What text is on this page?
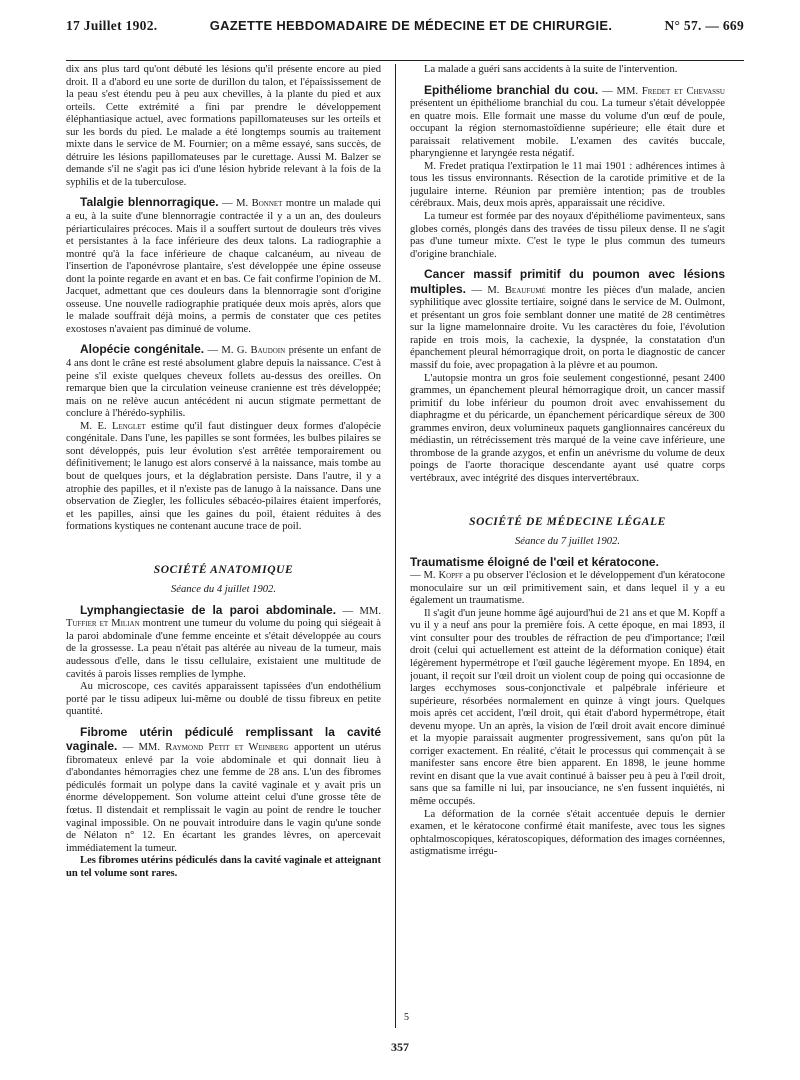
17 Juillet 1902.	GAZETTE HEBDOMADAIRE DE MÉDECINE ET DE CHIRURGIE.	N° 57. — 669

dix ans plus tard qu'ont débuté les lésions qu'il présente encore au pied droit. Il a d'abord eu une sorte de durillon du talon, et l'épaississement de la peau s'est étendu peu à peu aux chevilles, à la plante du pied et aux orteils. Cette extrémité a fini par prendre le développement éléphantiasique actuel, avec formations papillomateuses sur les orteils et sur les bords du pied. Le malade a été longtemps soumis au traitement mixte dans le service de M. Fournier; on a même essayé, sans succès, de détruire les lésions papillomateuses par le curettage. Aussi M. Balzer se demande s'il ne s'agit pas ici d'une lésion hybride relevant à la fois de la syphilis et de la tuberculose.

Talalgie blennorragique. — M. Bonnet montre un malade qui a eu, à la suite d'une blennorragie contractée il y a un an, des douleurs périarticulaires précoces. Mais il a souffert surtout de douleurs très vives et persistantes à la face inférieure des deux talons. La radiographie a montré qu'à la face inférieure de chaque calcanéum, au niveau de l'insertion de l'aponévrose plantaire, s'est développée une épine osseuse dont la pointe regarde en avant et en bas. Ce fait confirme l'opinion de M. Jacquet, admettant que ces douleurs dans la blennorragie sont d'origine osseuse. Une nouvelle radiographie pratiquée deux mois après, alors que le malade souffrait déjà moins, a permis de constater que ces petites exostoses n'avaient pas diminué de volume.

Alopécie congénitale. — M. G. Baudoin présente un enfant de 4 ans dont le crâne est resté absolument glabre depuis la naissance. C'est à peine s'il existe quelques cheveux follets au-dessus des oreilles. On remarque bien que la circulation veineuse cranienne est très développée; mais on ne relève aucun antécédent ni aucun stigmate permettant de conclure à l'hérédo-syphilis.

M. E. Lenglet estime qu'il faut distinguer deux formes d'alopécie congénitale. Dans l'une, les papilles se sont formées, les bulbes pilaires se sont développés, puis leur évolution s'est arrêtée temporairement ou définitivement; le lanugo est alors conservé à la naissance, mais tombe au bout de quelques jours, et la déglabration persiste. Dans l'autre, il y a atrophie des papilles, et il n'existe pas de lanugo à la naissance. Dans une observation de Ziegler, les follicules sébacéo-pilaires étaient imperforés, et les papilles, ainsi que les gaines du poil, étaient réduites à des formations kystiques ne contenant aucune trace de poil.

SOCIÉTÉ ANATOMIQUE
Séance du 4 juillet 1902.

Lymphangiectasie de la paroi abdominale. — MM. Tuffier et Milian montrent une tumeur du volume du poing qui siégeait à la paroi abdominale d'une femme enceinte et s'était développée au cours de la grossesse. La peau n'était pas altérée au niveau de la tumeur, mais audessous d'elle, dans le tissu cellulaire, existaient une multitude de cavités à parois lisses remplies de lymphe.

Au microscope, ces cavités apparaissent tapissées d'un endothélium porté par le tissu adipeux lui-même ou doublé de tissu fibreux en petite quantité.

Fibrome utérin pédiculé remplissant la cavité vaginale. — MM. Raymond Petit et Weinberg apportent un utérus fibromateux enlevé par la voie abdominale et qui donnait lieu à d'abondantes hémorragies chez une femme de 28 ans. L'un des fibromes pédiculés formait un polype dans la cavité vaginale et y avait pris un énorme développement. Son volume atteint celui d'une grosse tête de fœtus. Il distendait et remplissait le vagin au point de rendre le toucher vaginal impossible. On ne pouvait introduire dans le vagin qu'une sonde de Nélaton n° 12. En écartant les grandes lèvres, on apercevait immédiatement la tumeur.

Les fibromes utérins pédiculés dans la cavité vaginale et atteignant un tel volume sont rares.

La malade a guéri sans accidents à la suite de l'intervention.

Epithéliome branchial du cou. — MM. Fredet et Chevassu présentent un épithéliome branchial du cou. La tumeur s'était développée en quatre mois. Elle formait une masse du volume d'un œuf de poule, occupant la région sternomastoïdienne supérieure; elle était dure et paraissait relativement mobile. L'examen des cavités buccale, pharyngienne et laryngée resta négatif.

M. Fredet pratiqua l'extirpation le 11 mai 1901 : adhérences intimes à tous les tissus environnants. Résection de la carotide primitive et de la jugulaire interne. Réunion par première intention; pas de troubles cérébraux. Mais, deux mois après, apparaissait une récidive.

La tumeur est formée par des noyaux d'épithéliome pavimenteux, sans globes cornés, plongés dans des travées de tissu pileux dense. Il ne s'agit pas d'une tumeur mixte. C'est le type le plus commun des tumeurs d'origine branchiale.

Cancer massif primitif du poumon avec lésions multiples. — M. Beaufumé montre les pièces d'un malade, ancien syphilitique avec glossite tertiaire, soigné dans le service de M. Oulmont, et présentant un gros foie semblant donner une matité de 28 centimètres sur la ligne mamelonnaire droite. Vu les caractères du foie, l'évolution rapide en trois mois, la cachexie, la dyspnée, la constatation d'un épanchement pleural hémorragique droit, on porta le diagnostic de cancer massif du foie, avec propagation à la plèvre et au poumon.

L'autopsie montra un gros foie seulement congestionné, pesant 2400 grammes, un épanchement pleural hémorragique droit, un cancer massif primitif du lobe inférieur du poumon droit avec envahissement du diaphragme et du péricarde, un épanchement péricardique séreux de 300 grammes environ, deux volumineux paquets ganglionnaires cancéreux du médiastin, un rétrécissement très marqué de la veine cave inférieure, une thrombose de la grande azygos, et enfin un anévrisme du volume de deux poings de l'aorte thoracique descendante ayant usé quatre corps vertébraux, avec intégrité des disques intervertébraux.

SOCIÉTÉ DE MÉDECINE LÉGALE
Séance du 7 juillet 1902.

Traumatisme éloigné de l'œil et kératocone.

— M. Kopff a pu observer l'éclosion et le développement d'un kératocone monoculaire sur un œil primitivement sain, et dans lequel il y a eu également un traumatisme.

Il s'agit d'un jeune homme âgé aujourd'hui de 21 ans et que M. Kopff a vu il y a neuf ans pour la première fois. A cette époque, en mai 1893, il vint consulter pour des troubles de réfraction de peu d'importance; l'œil droit (celui qui actuellement est atteint de la déformation conique) était légèrement hypermétrope et l'œil gauche légèrement myope. En 1894, en jouant, il reçoit sur l'œil droit un violent coup de poing qui occasionne de larges ecchymoses sous-conjonctivale et palpébrale inférieure et supérieure, résorbées normalement en quinze à vingt jours. Quelques mois après cet accident, l'œil droit, qui était d'abord hypermétrope, était devenu myope. Un an après, la vision de l'œil droit avait encore diminué et la myopie paraissait augmenter progressivement, sans qu'on pût la corriger exactement. En réalité, c'était le processus qui commençait à se manifester sans encore être bien apparent. En 1898, le jeune homme revint en disant que la vue avait continué à baisser peu à peu à l'œil droit, sans que sa famille ni lui, par insouciance, ne s'en fussent inquiétés, ni même occupés.

La déformation de la cornée s'était accentuée depuis le dernier examen, et le kératocone confirmé était manifeste, avec tous les signes ophtalmoscopiques, kératoscopiques, déformation des images cornéennes, astigmatisme irrégu-

5
357
